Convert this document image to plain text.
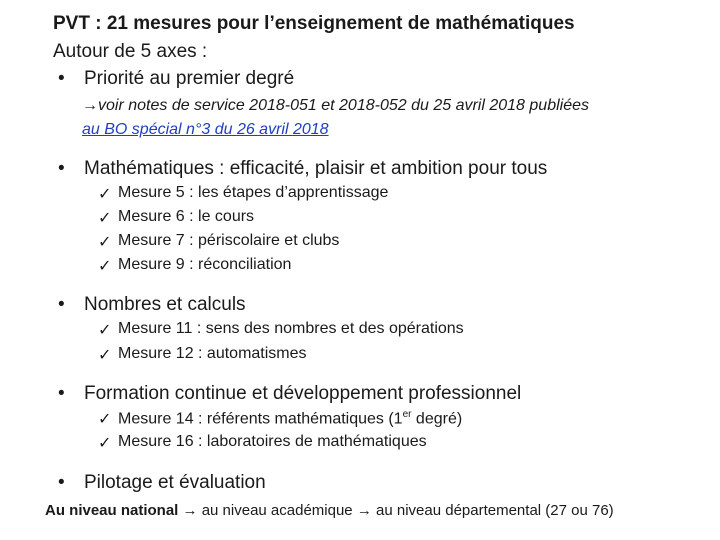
PVT : 21 mesures pour l’enseignement de mathématiques
Autour de 5 axes :
• Priorité au premier degré
→voir notes de service 2018-051 et 2018-052 du 25 avril 2018 publiées
au BO spécial n°3 du 26 avril 2018
• Mathématiques : efficacité, plaisir et ambition pour tous
✓ Mesure 5 : les étapes d’apprentissage
✓ Mesure 6 : le cours
✓ Mesure 7 : périscolaire et clubs
✓ Mesure 9 : réconciliation
• Nombres et calculs
✓ Mesure 11 : sens des nombres et des opérations
✓ Mesure 12 : automatismes
• Formation continue et développement professionnel
✓ Mesure 14 : référents mathématiques (1er degré)
✓ Mesure 16 : laboratoires de mathématiques
• Pilotage et évaluation
Au niveau national → au niveau académique → au niveau départemental (27 ou 76)
